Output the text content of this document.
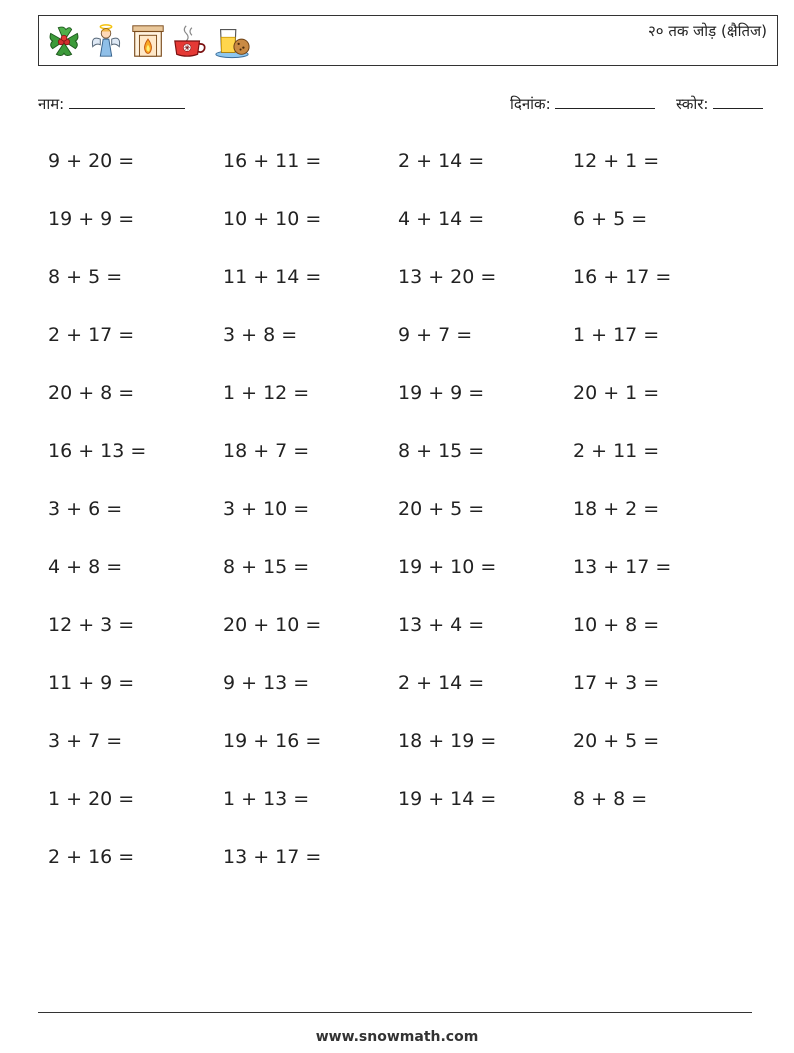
२० तक जोड़ (क्षैतिज)
नाम:	दिनांक:	स्कोर:
9 + 20 =	16 + 11 =	2 + 14 =	12 + 1 =
19 + 9 =	10 + 10 =	4 + 14 =	6 + 5 =
8 + 5 =	11 + 14 =	13 + 20 =	16 + 17 =
2 + 17 =	3 + 8 =	9 + 7 =	1 + 17 =
20 + 8 =	1 + 12 =	19 + 9 =	20 + 1 =
16 + 13 =	18 + 7 =	8 + 15 =	2 + 11 =
3 + 6 =	3 + 10 =	20 + 5 =	18 + 2 =
4 + 8 =	8 + 15 =	19 + 10 =	13 + 17 =
12 + 3 =	20 + 10 =	13 + 4 =	10 + 8 =
11 + 9 =	9 + 13 =	2 + 14 =	17 + 3 =
3 + 7 =	19 + 16 =	18 + 19 =	20 + 5 =
1 + 20 =	1 + 13 =	19 + 14 =	8 + 8 =
2 + 16 =	13 + 17 =
www.snowmath.com
